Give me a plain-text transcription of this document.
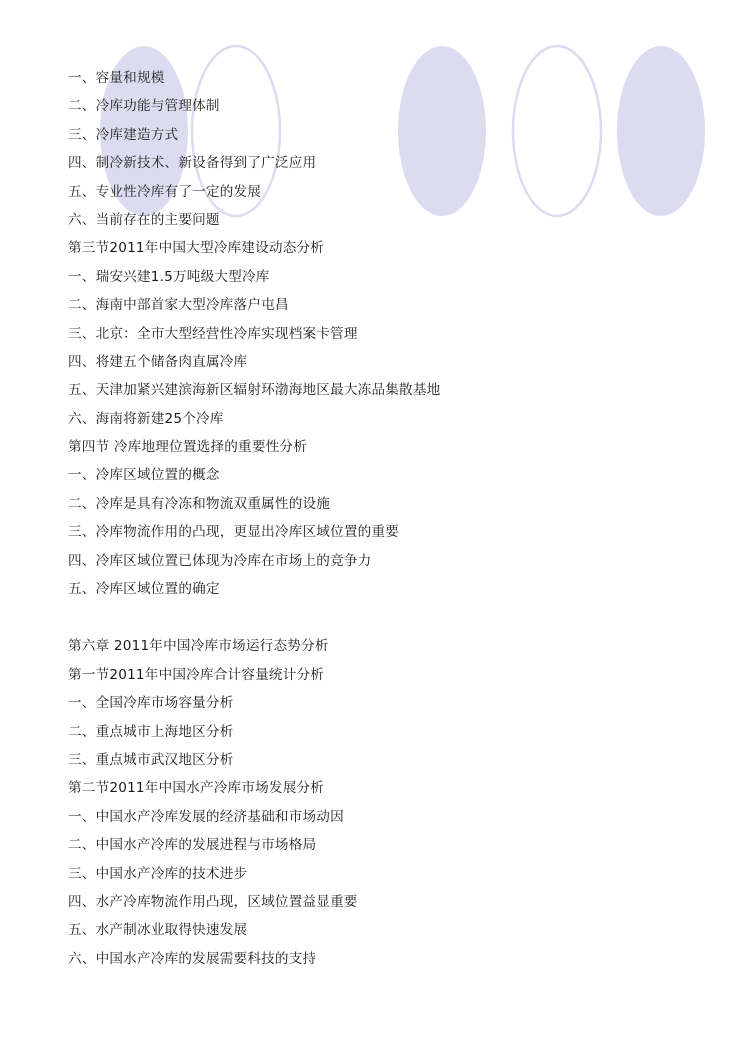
一、容量和规模
二、冷库功能与管理体制
三、冷库建造方式
四、制冷新技术、新设备得到了广泛应用
五、专业性冷库有了一定的发展
六、当前存在的主要问题
第三节2011年中国大型冷库建设动态分析
一、瑞安兴建1.5万吨级大型冷库
二、海南中部首家大型冷库落户屯昌
三、北京：全市大型经营性冷库实现档案卡管理
四、将建五个储备肉直属冷库
五、天津加紧兴建滨海新区辐射环渤海地区最大冻品集散基地
六、海南将新建25个冷库
第四节 冷库地理位置选择的重要性分析
一、冷库区域位置的概念
二、冷库是具有冷冻和物流双重属性的设施
三、冷库物流作用的凸现，更显出冷库区域位置的重要
四、冷库区域位置已体现为冷库在市场上的竞争力
五、冷库区域位置的确定
第六章 2011年中国冷库市场运行态势分析
第一节2011年中国冷库合计容量统计分析
一、全国冷库市场容量分析
二、重点城市上海地区分析
三、重点城市武汉地区分析
第二节2011年中国水产冷库市场发展分析
一、中国水产冷库发展的经济基础和市场动因
二、中国水产冷库的发展进程与市场格局
三、中国水产冷库的技术进步
四、水产冷库物流作用凸现，区域位置益显重要
五、水产制冰业取得快速发展
六、中国水产冷库的发展需要科技的支持
